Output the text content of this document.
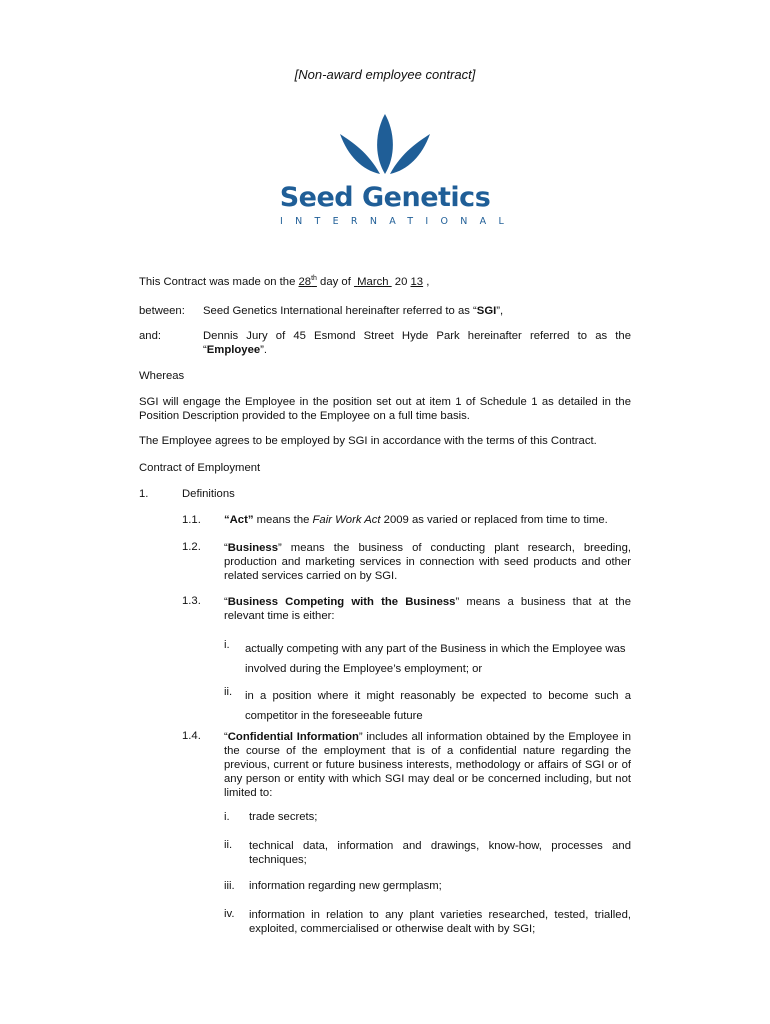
[Non-award employee contract]
Seed Genetics
INTERNATIONAL
This Contract was made on the 28th day of  March  20 13 ,
between: Seed Genetics International hereinafter referred to as “SGI”,
and:	Dennis Jury of 45 Esmond Street Hyde Park hereinafter referred to as the “Employee”.
Whereas
SGI will engage the Employee in the position set out at item 1 of Schedule 1 as detailed in the Position Description provided to the Employee on a full time basis.
The Employee agrees to be employed by SGI in accordance with the terms of this Contract.
Contract of Employment
1.	Definitions
1.1. “Act” means the Fair Work Act 2009 as varied or replaced from time to time.
1.2. “Business” means the business of conducting plant research, breeding, production and marketing services in connection with seed products and other related services carried on by SGI.
1.3. “Business Competing with the Business” means a business that at the relevant time is either:
i. actually competing with any part of the Business in which the Employee was involved during the Employee’s employment; or
ii. in a position where it might reasonably be expected to become such a competitor in the foreseeable future
1.4. “Confidential Information” includes all information obtained by the Employee in the course of the employment that is of a confidential nature regarding the previous, current or future business interests, methodology or affairs of SGI or of any person or entity with which SGI may deal or be concerned including, but not limited to:
i. trade secrets;
ii. technical data, information and drawings, know-how, processes and techniques;
iii. information regarding new germplasm;
iv. information in relation to any plant varieties researched, tested, trialled, exploited, commercialised or otherwise dealt with by SGI;
